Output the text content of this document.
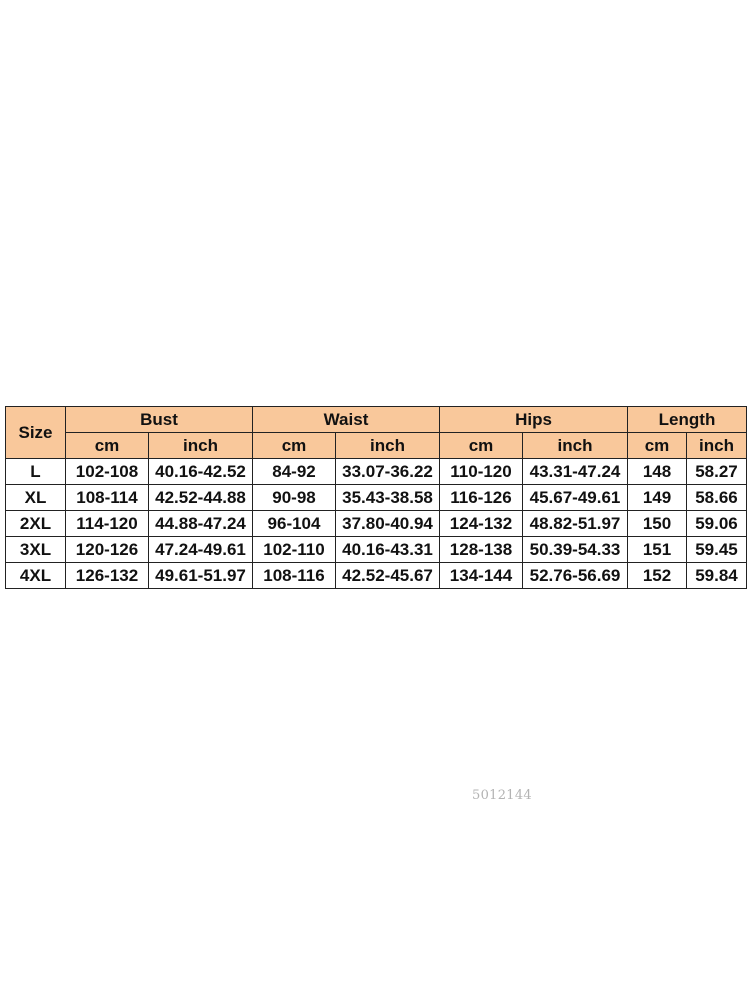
Size	Bust		Waist		Hips		Length	
	cm	inch	cm	inch	cm	inch	cm	inch
L	102-108	40.16-42.52	84-92	33.07-36.22	110-120	43.31-47.24	148	58.27
XL	108-114	42.52-44.88	90-98	35.43-38.58	116-126	45.67-49.61	149	58.66
2XL	114-120	44.88-47.24	96-104	37.80-40.94	124-132	48.82-51.97	150	59.06
3XL	120-126	47.24-49.61	102-110	40.16-43.31	128-138	50.39-54.33	151	59.45
4XL	126-132	49.61-51.97	108-116	42.52-45.67	134-144	52.76-56.69	152	59.84
5012144
